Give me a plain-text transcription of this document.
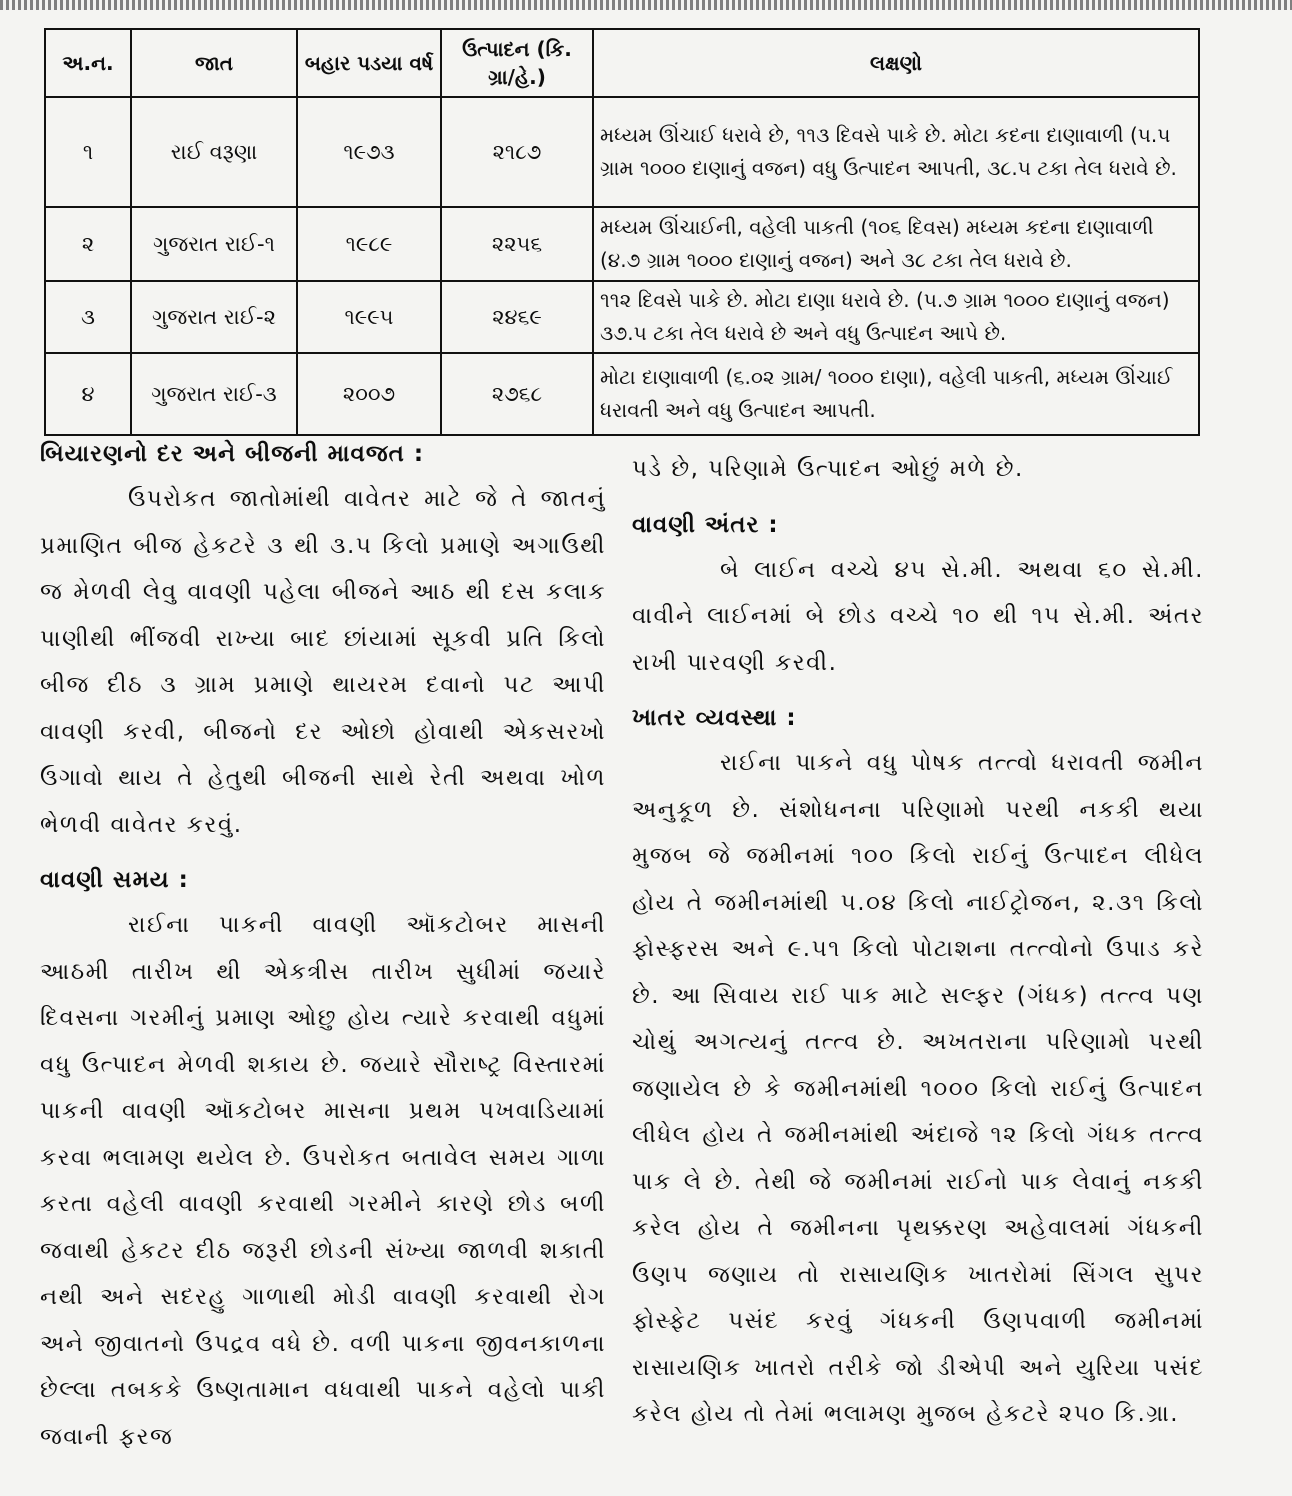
અ.ન.	જાત	બહાર પડયા વર્ષ	ઉત્પાદન (કિ. ગ્રા/હે.)	લક્ષણો
૧	રાઈ વરૂણા	૧૯૭૩	૨૧૮૭	મધ્યમ ઊંચાઈ ધરાવે છે, ૧૧૩ દિવસે પાકે છે. મોટા કદના દાણાવાળી (૫.૫ ગ્રામ ૧૦૦૦ દાણાનું વજન) વધુ ઉત્પાદન આપતી, ૩૮.૫ ટકા તેલ ધરાવે છે.
૨	ગુજરાત રાઈ-૧	૧૯૮૯	૨૨૫૬	મધ્યમ ઊંચાઈની, વહેલી પાકતી (૧૦૬ દિવસ) મધ્યમ કદના દાણાવાળી (૪.૭ ગ્રામ ૧૦૦૦ દાણાનું વજન) અને ૩૮ ટકા તેલ ધરાવે છે.
૩	ગુજરાત રાઈ-૨	૧૯૯૫	૨૪૬૯	૧૧૨ દિવસે પાકે છે. મોટા દાણા ધરાવે છે. (૫.૭ ગ્રામ ૧૦૦૦ દાણાનું વજન) ૩૭.૫ ટકા તેલ ધરાવે છે અને વધુ ઉત્પાદન આપે છે.
૪	ગુજરાત રાઈ-૩	૨૦૦૭	૨૭૬૮	મોટા દાણાવાળી (૬.૦૨ ગ્રામ/ ૧૦૦૦ દાણા), વહેલી પાકતી, મધ્યમ ઊંચાઈ ધરાવતી અને વધુ ઉત્પાદન આપતી.

બિયારણનો દર અને બીજની માવજત :

ઉપરોકત જાતોમાંથી વાવેતર માટે જે તે જાતનું પ્રમાણિત બીજ હેકટરે ૩ થી ૩.૫ કિલો પ્રમાણે અગાઉથી જ મેળવી લેવુ વાવણી પહેલા બીજને આઠ થી દસ કલાક પાણીથી ભીંજવી રાખ્યા બાદ છાંયામાં સૂકવી પ્રતિ કિલો બીજ દીઠ ૩ ગ્રામ પ્રમાણે થાયરમ દવાનો પટ આપી વાવણી કરવી, બીજનો દર ઓછો હોવાથી એકસરખો ઉગાવો થાય તે હેતુથી બીજની સાથે રેતી અથવા ખોળ ભેળવી વાવેતર કરવું.

વાવણી સમય :

રાઈના પાકની વાવણી ઑકટોબર માસની આઠમી તારીખ થી એકત્રીસ તારીખ સુધીમાં જયારે દિવસના ગરમીનું પ્રમાણ ઓછુ હોય ત્યારે કરવાથી વધુમાં વધુ ઉત્પાદન મેળવી શકાય છે. જયારે સૌરાષ્ટ્ર વિસ્તારમાં પાકની વાવણી ઑકટોબર માસના પ્રથમ પખવાડિયામાં કરવા ભલામણ થયેલ છે. ઉપરોકત બતાવેલ સમય ગાળા કરતા વહેલી વાવણી કરવાથી ગરમીને કારણે છોડ બળી જવાથી હેકટર દીઠ જરૂરી છોડની સંખ્યા જાળવી શકાતી નથી અને સદરહુ ગાળાથી મોડી વાવણી કરવાથી રોગ અને જીવાતનો ઉપદ્રવ વધે છે. વળી પાકના જીવનકાળના છેલ્લા તબકકે ઉષ્ણતામાન વધવાથી પાકને વહેલો પાકી જવાની ફરજ

પડે છે, પરિણામે ઉત્પાદન ઓછું મળે છે.

વાવણી અંતર :

બે લાઈન વચ્ચે ૪૫ સે.મી. અથવા ૬૦ સે.મી. વાવીને લાઈનમાં બે છોડ વચ્ચે ૧૦ થી ૧૫ સે.મી. અંતર રાખી પારવણી કરવી.

ખાતર વ્યવસ્થા :

રાઈના પાકને વધુ પોષક તત્ત્વો ધરાવતી જમીન અનુકૂળ છે. સંશોધનના પરિણામો પરથી નકકી થયા મુજબ જે જમીનમાં ૧૦૦ કિલો રાઈનું ઉત્પાદન લીધેલ હોય તે જમીનમાંથી ૫.૦૪ કિલો નાઈટ્રોજન, ૨.૩૧ કિલો ફોસ્ફરસ અને ૯.૫૧ કિલો પોટાશના તત્ત્વોનો ઉપાડ કરે છે. આ સિવાય રાઈ પાક માટે સલ્ફર (ગંધક) તત્ત્વ પણ ચોથું અગત્યનું તત્ત્વ છે. અખતરાના પરિણામો પરથી જણાયેલ છે કે જમીનમાંથી ૧૦૦૦ કિલો રાઈનું ઉત્પાદન લીધેલ હોય તે જમીનમાંથી અંદાજે ૧૨ કિલો ગંધક તત્ત્વ પાક લે છે. તેથી જે જમીનમાં રાઈનો પાક લેવાનું નકકી કરેલ હોય તે જમીનના પૃથક્કરણ અહેવાલમાં ગંધકની ઉણપ જણાય તો રાસાયણિક ખાતરોમાં સિંગલ સુપર ફોસ્ફેટ પસંદ કરવું ગંધકની ઉણપવાળી જમીનમાં રાસાયણિક ખાતરો તરીકે જો ડીએપી અને યુરિયા પસંદ કરેલ હોય તો તેમાં ભલામણ મુજબ હેકટરે ૨૫૦ કિ.ગ્રા.
